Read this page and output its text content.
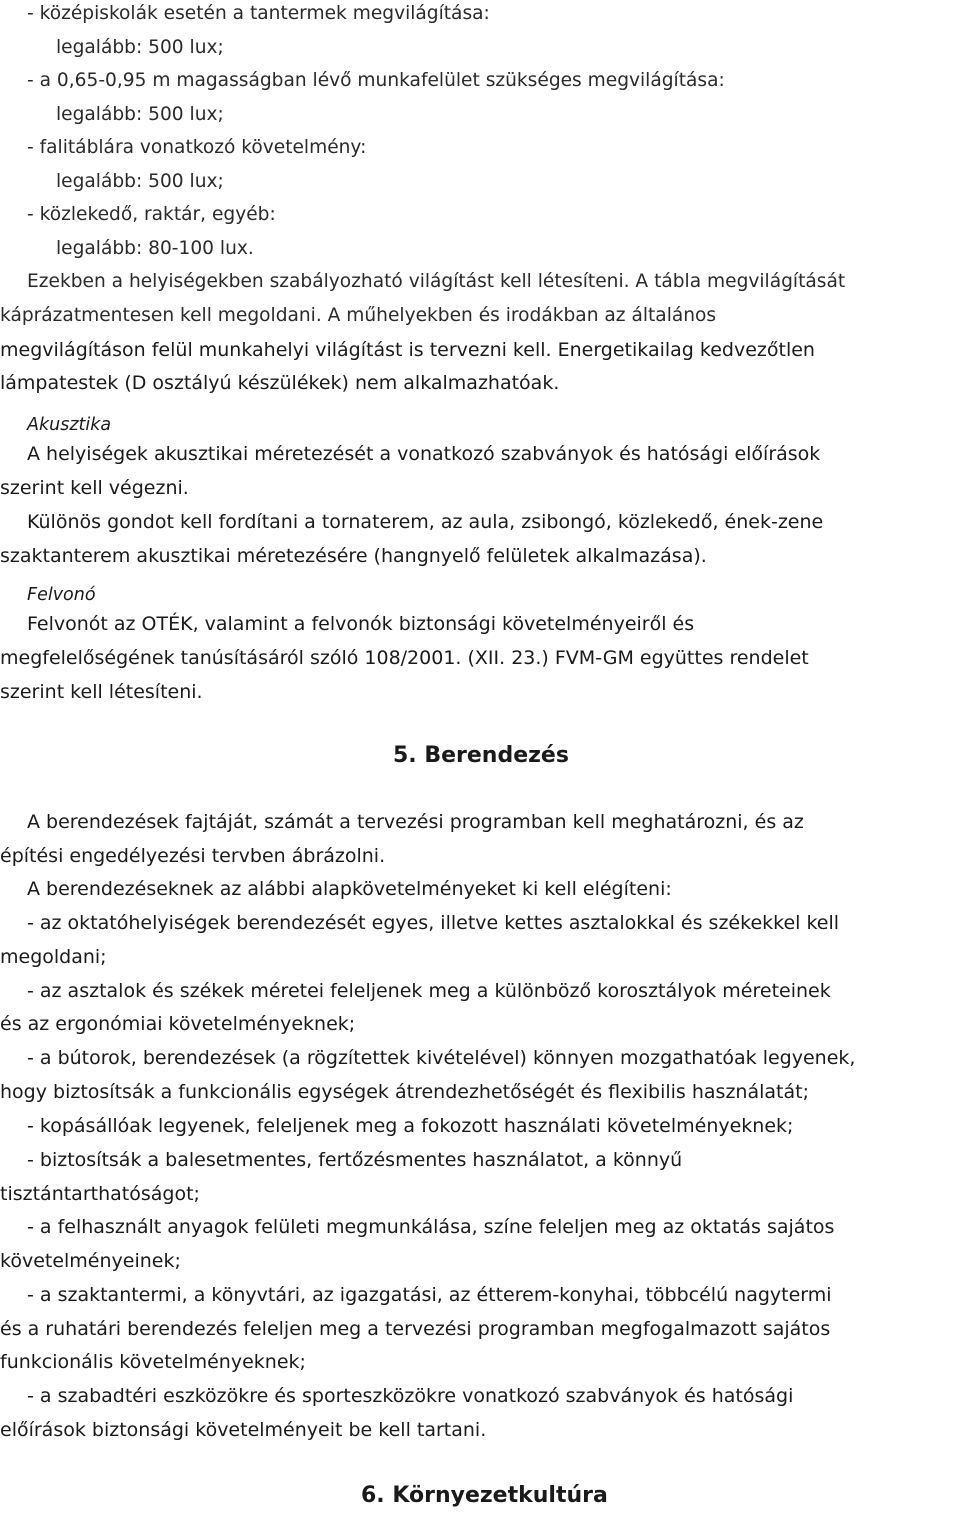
- középiskolák esetén a tantermek megvilágítása:
legalább: 500 lux;
- a 0,65-0,95 m magasságban lévő munkafelület szükséges megvilágítása:
legalább: 500 lux;
- falitáblára vonatkozó követelmény:
legalább: 500 lux;
- közlekedő, raktár, egyéb:
legalább: 80-100 lux.
Ezekben a helyiségekben szabályozható világítást kell létesíteni. A tábla megvilágítását
káprázatmentesen kell megoldani. A műhelyekben és irodákban az általános
megvilágításon felül munkahelyi világítást is tervezni kell. Energetikailag kedvezőtlen
lámpatestek (D osztályú készülékek) nem alkalmazhatóak.
Akusztika
A helyiségek akusztikai méretezését a vonatkozó szabványok és hatósági előírások
szerint kell végezni.
Különös gondot kell fordítani a tornaterem, az aula, zsibongó, közlekedő, ének-zene
szaktanterem akusztikai méretezésére (hangnyelő felületek alkalmazása).
Felvonó
Felvonót az OTÉK, valamint a felvonók biztonsági követelményeiről és
megfelelőségének tanúsításáról szóló 108/2001. (XII. 23.) FVM-GM együttes rendelet
szerint kell létesíteni.
5. Berendezés
A berendezések fajtáját, számát a tervezési programban kell meghatározni, és az
építési engedélyezési tervben ábrázolni.
A berendezéseknek az alábbi alapkövetelményeket ki kell elégíteni:
- az oktatóhelyiségek berendezését egyes, illetve kettes asztalokkal és székekkel kell
megoldani;
- az asztalok és székek méretei feleljenek meg a különböző korosztályok méreteinek
és az ergonómiai követelményeknek;
- a bútorok, berendezések (a rögzítettek kivételével) könnyen mozgathatóak legyenek,
hogy biztosítsák a funkcionális egységek átrendezhetőségét és flexibilis használatát;
- kopásállóak legyenek, feleljenek meg a fokozott használati követelményeknek;
- biztosítsák a balesetmentes, fertőzésmentes használatot, a könnyű
tisztántarthatóságot;
- a felhasznált anyagok felületi megmunkálása, színe feleljen meg az oktatás sajátos
követelményeinek;
- a szaktantermi, a könyvtári, az igazgatási, az étterem-konyhai, többcélú nagytermi
és a ruhatári berendezés feleljen meg a tervezési programban megfogalmazott sajátos
funkcionális követelményeknek;
- a szabadtéri eszközökre és sporteszközökre vonatkozó szabványok és hatósági
előírások biztonsági követelményeit be kell tartani.
6. Környezetkultúra
